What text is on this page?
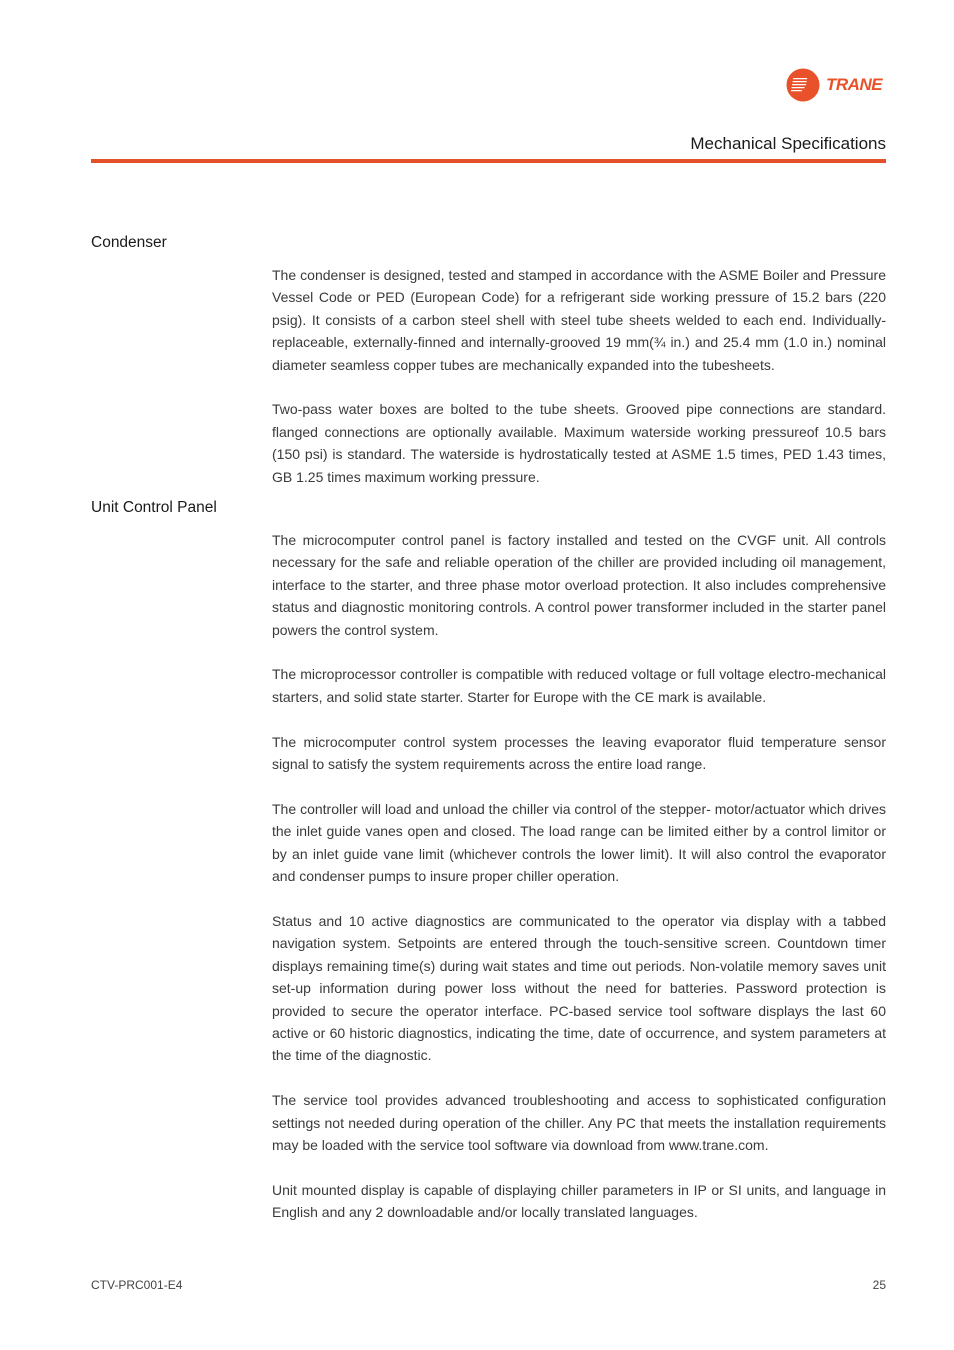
TRANE
Mechanical Specifications
Condenser

The condenser is designed, tested and stamped in accordance with the ASME Boiler and Pressure Vessel Code or PED (European Code) for a refrigerant side working pressure of 15.2 bars (220 psig). It consists of a carbon steel shell with steel tube sheets welded to each end. Individually-replaceable, externally-finned and internally-grooved 19 mm(¾ in.) and 25.4 mm (1.0 in.) nominal diameter seamless copper tubes are mechanically expanded into the tubesheets.

Two-pass water boxes are bolted to the tube sheets. Grooved pipe connections are standard. flanged connections are optionally available. Maximum waterside working pressureof 10.5 bars (150 psi) is standard. The waterside is hydrostatically tested at ASME 1.5 times, PED 1.43 times, GB 1.25 times maximum working pressure.

Unit Control Panel

The microcomputer control panel is factory installed and tested on the CVGF unit. All controls necessary for the safe and reliable operation of the chiller are provided including oil management, interface to the starter, and three phase motor overload protection. It also includes comprehensive status and diagnostic monitoring controls. A control power transformer included in the starter panel powers the control system.

The microprocessor controller is compatible with reduced voltage or full voltage electro-mechanical starters, and solid state starter. Starter for Europe with the CE mark is available.

The microcomputer control system processes the leaving evaporator fluid temperature sensor signal to satisfy the system requirements across the entire load range.

The controller will load and unload the chiller via control of the stepper- motor/actuator which drives the inlet guide vanes open and closed. The load range can be limited either by a control limitor or by an inlet guide vane limit (whichever controls the lower limit). It will also control the evaporator and condenser pumps to insure proper chiller operation.

Status and 10 active diagnostics are communicated to the operator via display with a tabbed navigation system. Setpoints are entered through the touch-sensitive screen. Countdown timer displays remaining time(s) during wait states and time out periods. Non-volatile memory saves unit set-up information during power loss without the need for batteries. Password protection is provided to secure the operator interface. PC-based service tool software displays the last 60 active or 60 historic diagnostics, indicating the time, date of occurrence, and system parameters at the time of the diagnostic.

The service tool provides advanced troubleshooting and access to sophisticated configuration settings not needed during operation of the chiller. Any PC that meets the installation requirements may be loaded with the service tool software via download from www.trane.com.

Unit mounted display is capable of displaying chiller parameters in IP or SI units, and language in English and any 2 downloadable and/or locally translated languages.

CTV-PRC001-E4	25
